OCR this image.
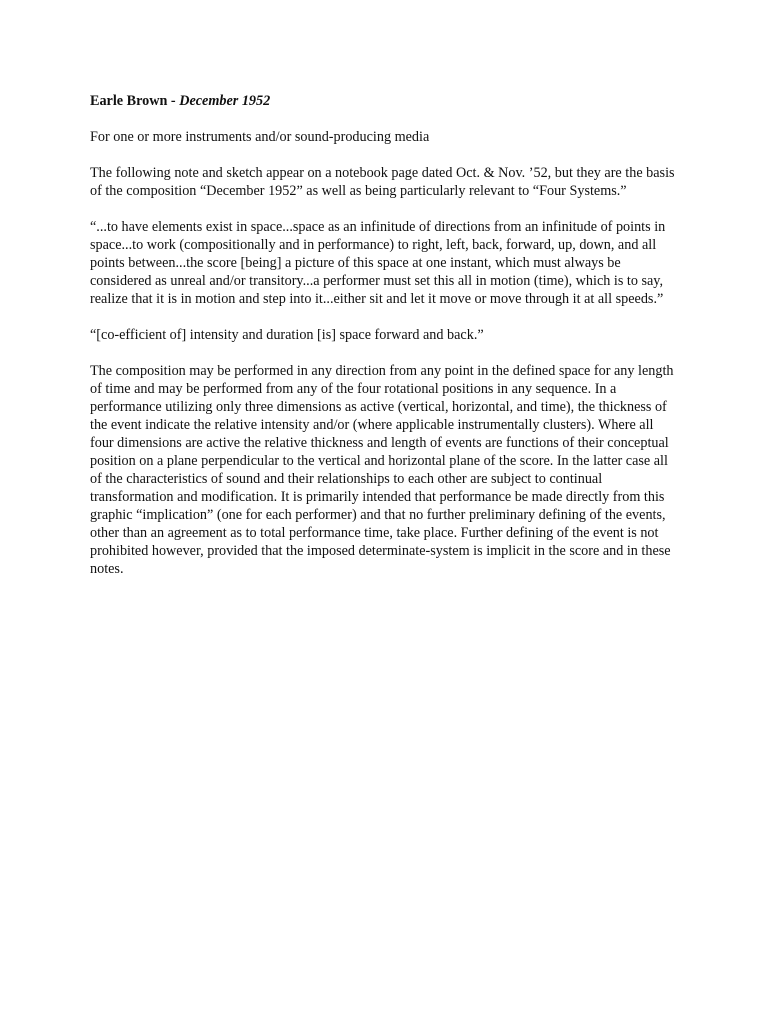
Earle Brown - December 1952

For one or more instruments and/or sound-producing media

The following note and sketch appear on a notebook page dated Oct. & Nov. ’52, but they are the basis of the composition “December 1952” as well as being particularly relevant to “Four Systems.”

“...to have elements exist in space...space as an infinitude of directions from an infinitude of points in space...to work (compositionally and in performance) to right, left, back, forward, up, down, and all points between...the score [being] a picture of this space at one instant, which must always be considered as unreal and/or transitory...a performer must set this all in motion (time), which is to say, realize that it is in motion and step into it...either sit and let it move or move through it at all speeds.”

“[co-efficient of] intensity and duration [is] space forward and back.”

The composition may be performed in any direction from any point in the defined space for any length of time and may be performed from any of the four rotational positions in any sequence. In a performance utilizing only three dimensions as active (vertical, horizontal, and time), the thickness of the event indicate the relative intensity and/or (where applicable instrumentally clusters). Where all four dimensions are active the relative thickness and length of events are functions of their conceptual position on a plane perpendicular to the vertical and horizontal plane of the score. In the latter case all of the characteristics of sound and their relationships to each other are subject to continual transformation and modification. It is primarily intended that performance be made directly from this graphic “implication” (one for each performer) and that no further preliminary defining of the events, other than an agreement as to total performance time, take place. Further defining of the event is not prohibited however, provided that the imposed determinate-system is implicit in the score and in these notes.
